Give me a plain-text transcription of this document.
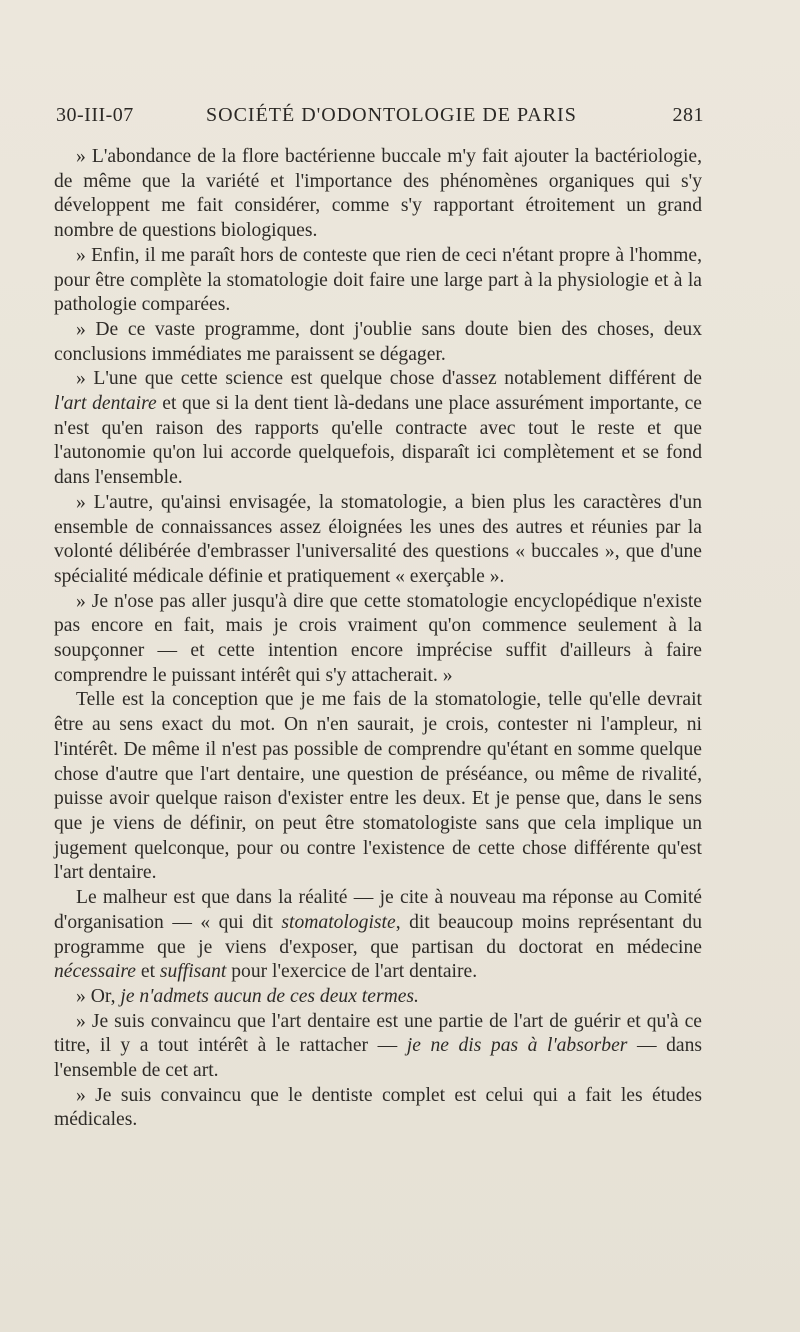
30-III-07	SOCIÉTÉ D'ODONTOLOGIE DE PARIS	281

» L'abondance de la flore bactérienne buccale m'y fait ajouter la bactériologie, de même que la variété et l'importance des phénomènes organiques qui s'y développent me fait considérer, comme s'y rapportant étroitement un grand nombre de questions biologiques.

» Enfin, il me paraît hors de conteste que rien de ceci n'étant propre à l'homme, pour être complète la stomatologie doit faire une large part à la physiologie et à la pathologie comparées.

» De ce vaste programme, dont j'oublie sans doute bien des choses, deux conclusions immédiates me paraissent se dégager.

» L'une que cette science est quelque chose d'assez notablement différent de l'art dentaire et que si la dent tient là-dedans une place assurément importante, ce n'est qu'en raison des rapports qu'elle contracte avec tout le reste et que l'autonomie qu'on lui accorde quelquefois, disparaît ici complètement et se fond dans l'ensemble.

» L'autre, qu'ainsi envisagée, la stomatologie, a bien plus les caractères d'un ensemble de connaissances assez éloignées les unes des autres et réunies par la volonté délibérée d'embrasser l'universalité des questions « buccales », que d'une spécialité médicale définie et pratiquement « exerçable ».

» Je n'ose pas aller jusqu'à dire que cette stomatologie encyclopédique n'existe pas encore en fait, mais je crois vraiment qu'on commence seulement à la soupçonner — et cette intention encore imprécise suffit d'ailleurs à faire comprendre le puissant intérêt qui s'y attacherait. »

Telle est la conception que je me fais de la stomatologie, telle qu'elle devrait être au sens exact du mot. On n'en saurait, je crois, contester ni l'ampleur, ni l'intérêt. De même il n'est pas possible de comprendre qu'étant en somme quelque chose d'autre que l'art dentaire, une question de préséance, ou même de rivalité, puisse avoir quelque raison d'exister entre les deux. Et je pense que, dans le sens que je viens de définir, on peut être stomatologiste sans que cela implique un jugement quelconque, pour ou contre l'existence de cette chose différente qu'est l'art dentaire.

Le malheur est que dans la réalité — je cite à nouveau ma réponse au Comité d'organisation — « qui dit stomatologiste, dit beaucoup moins représentant du programme que je viens d'exposer, que partisan du doctorat en médecine nécessaire et suffisant pour l'exercice de l'art dentaire.

» Or, je n'admets aucun de ces deux termes.

» Je suis convaincu que l'art dentaire est une partie de l'art de guérir et qu'à ce titre, il y a tout intérêt à le rattacher — je ne dis pas à l'absorber — dans l'ensemble de cet art.

» Je suis convaincu que le dentiste complet est celui qui a fait les études médicales.
